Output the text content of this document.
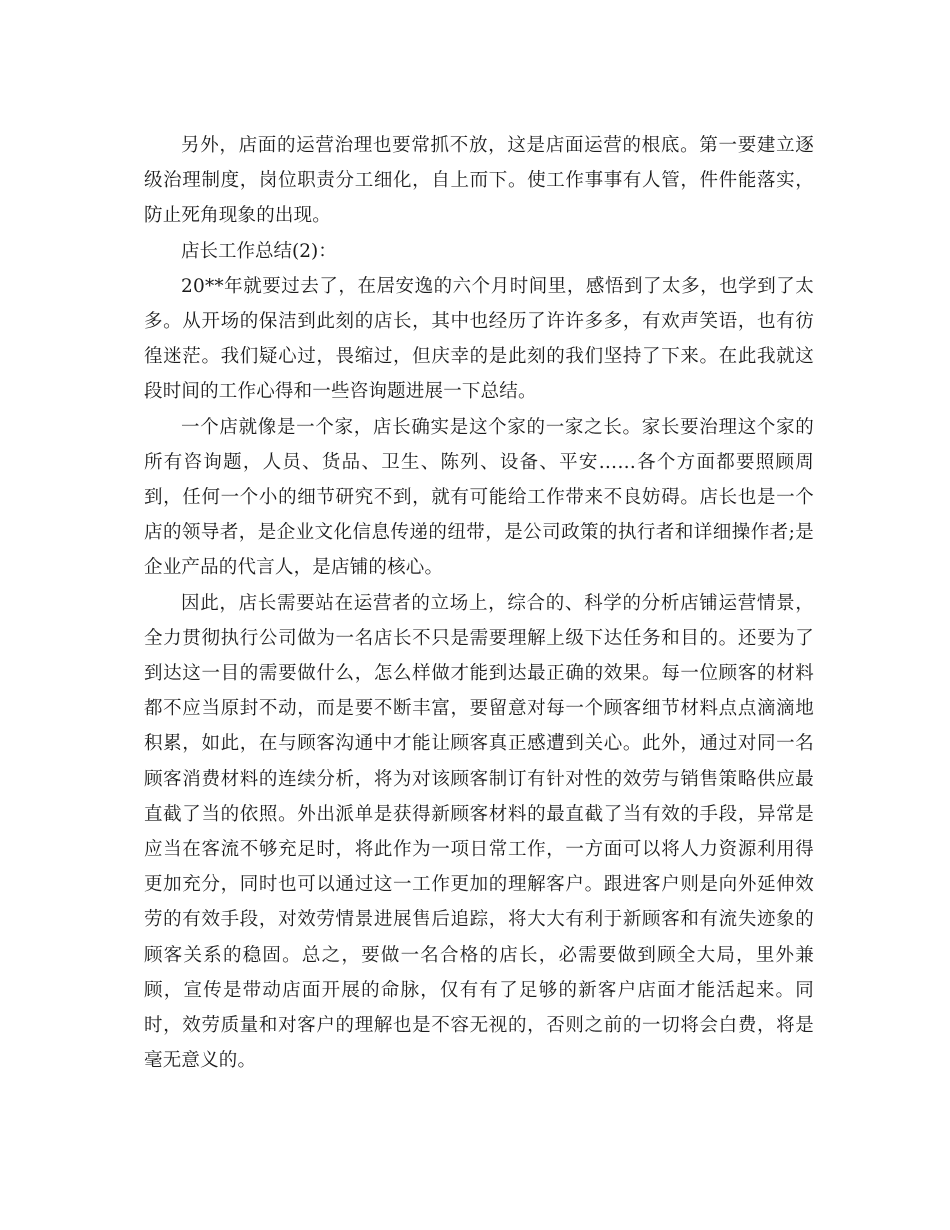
另外，店面的运营治理也要常抓不放，这是店面运营的根底。第一要建立逐级治理制度，岗位职责分工细化，自上而下。使工作事事有人管，件件能落实，防止死角现象的出现。

店长工作总结(2)：

20**年就要过去了，在居安逸的六个月时间里，感悟到了太多，也学到了太多。从开场的保洁到此刻的店长，其中也经历了许许多多，有欢声笑语，也有彷徨迷茫。我们疑心过，畏缩过，但庆幸的是此刻的我们坚持了下来。在此我就这段时间的工作心得和一些咨询题进展一下总结。

一个店就像是一个家，店长确实是这个家的一家之长。家长要治理这个家的所有咨询题，人员、货品、卫生、陈列、设备、平安……各个方面都要照顾周到，任何一个小的细节研究不到，就有可能给工作带来不良妨碍。店长也是一个店的领导者，是企业文化信息传递的纽带，是公司政策的执行者和详细操作者;是企业产品的代言人，是店铺的核心。

因此，店长需要站在运营者的立场上，综合的、科学的分析店铺运营情景，全力贯彻执行公司做为一名店长不只是需要理解上级下达任务和目的。还要为了到达这一目的需要做什么，怎么样做才能到达最正确的效果。每一位顾客的材料都不应当原封不动，而是要不断丰富，要留意对每一个顾客细节材料点点滴滴地积累，如此，在与顾客沟通中才能让顾客真正感遭到关心。此外，通过对同一名顾客消费材料的连续分析，将为对该顾客制订有针对性的效劳与销售策略供应最直截了当的依照。外出派单是获得新顾客材料的最直截了当有效的手段，异常是应当在客流不够充足时，将此作为一项日常工作，一方面可以将人力资源利用得更加充分，同时也可以通过这一工作更加的理解客户。跟进客户则是向外延伸效劳的有效手段，对效劳情景进展售后追踪，将大大有利于新顾客和有流失迹象的顾客关系的稳固。总之，要做一名合格的店长，必需要做到顾全大局，里外兼顾，宣传是带动店面开展的命脉，仅有有了足够的新客户店面才能活起来。同时，效劳质量和对客户的理解也是不容无视的，否则之前的一切将会白费，将是毫无意义的。
